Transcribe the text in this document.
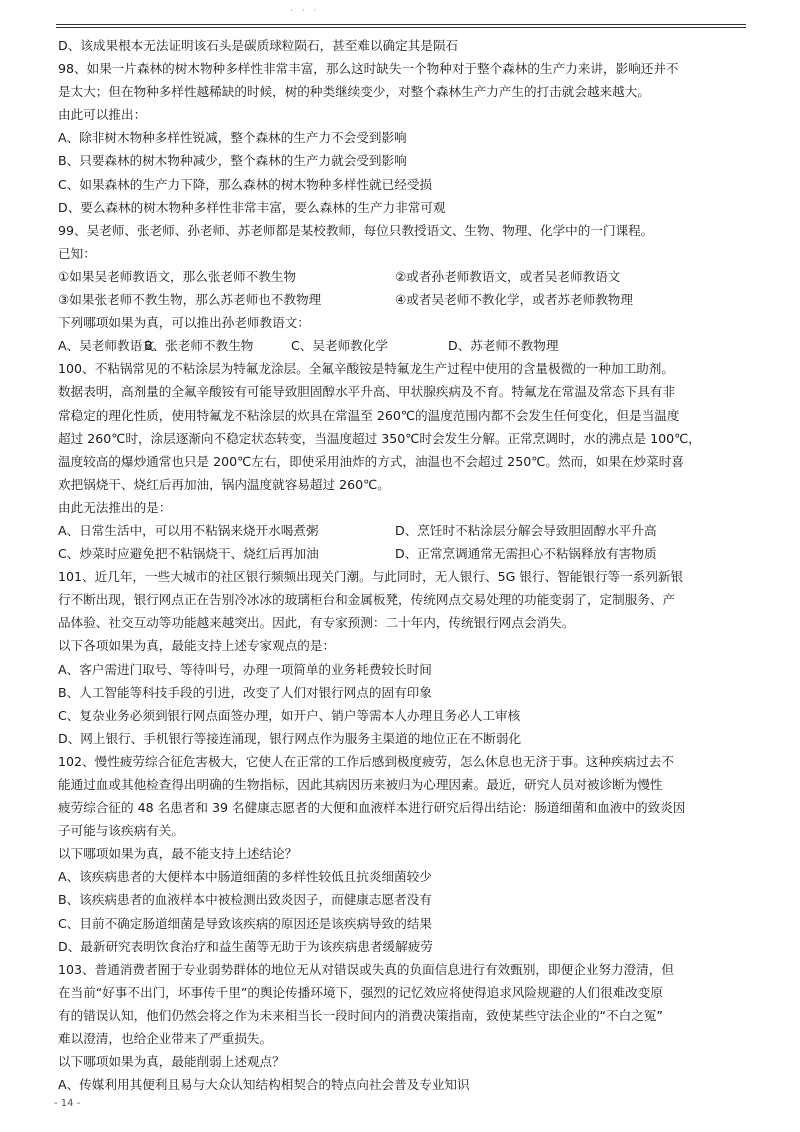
· · ·
D、该成果根本无法证明该石头是碳质球粒陨石，甚至难以确定其是陨石
98、如果一片森林的树木物种多样性非常丰富，那么这时缺失一个物种对于整个森林的生产力来讲，影响还并不
是太大；但在物种多样性越稀缺的时候，树的种类继续变少，对整个森林生产力产生的打击就会越来越大。
由此可以推出：
A、除非树木物种多样性锐减，整个森林的生产力不会受到影响
B、只要森林的树木物种减少，整个森林的生产力就会受到影响
C、如果森林的生产力下降，那么森林的树木物种多样性就已经受损
D、要么森林的树木物种多样性非常丰富，要么森林的生产力非常可观
99、吴老师、张老师、孙老师、苏老师都是某校教师，每位只教授语文、生物、物理、化学中的一门课程。
已知：
①如果吴老师教语文，那么张老师不教生物	②或者孙老师教语文，或者吴老师教语文
③如果张老师不教生物，那么苏老师也不教物理	④或者吴老师不教化学，或者苏老师教物理
下列哪项如果为真，可以推出孙老师教语文：
A、吴老师教语文
B、张老师不教生物	C、吴老师教化学	D、苏老师不教物理
100、不粘锅常见的不粘涂层为特氟龙涂层。全氟辛酸铵是特氟龙生产过程中使用的含量极微的一种加工助剂。
数据表明，高剂量的全氟辛酸铵有可能导致胆固醇水平升高、甲状腺疾病及不育。特氟龙在常温及常态下具有非
常稳定的理化性质，使用特氟龙不粘涂层的炊具在常温至 260℃的温度范围内都不会发生任何变化，但是当温度
超过 260℃时，涂层逐渐向不稳定状态转变，当温度超过 350℃时会发生分解。正常烹调时，水的沸点是 100℃，
温度较高的爆炒通常也只是 200℃左右，即使采用油炸的方式，油温也不会超过 250℃。然而，如果在炒菜时喜
欢把锅烧干、烧红后再加油，锅内温度就容易超过 260℃。
由此无法推出的是：
A、日常生活中，可以用不粘锅来烧开水喝煮粥	D、烹饪时不粘涂层分解会导致胆固醇水平升高
C、炒菜时应避免把不粘锅烧干、烧红后再加油	D、正常烹调通常无需担心不粘锅释放有害物质
101、近几年，一些大城市的社区银行频频出现关门潮。与此同时，无人银行、5G 银行、智能银行等一系列新银
行不断出现，银行网点正在告别冷冰冰的玻璃柜台和金属板凳，传统网点交易处理的功能变弱了，定制服务、产
品体验、社交互动等功能越来越突出。因此，有专家预测：二十年内，传统银行网点会消失。
以下各项如果为真，最能支持上述专家观点的是：
A、客户需进门取号、等待叫号，办理一项简单的业务耗费较长时间
B、人工智能等科技手段的引进，改变了人们对银行网点的固有印象
C、复杂业务必须到银行网点面签办理，如开户、销户等需本人办理且务必人工审核
D、网上银行、手机银行等接连涌现，银行网点作为服务主渠道的地位正在不断弱化
102、慢性疲劳综合征危害极大，它使人在正常的工作后感到极度疲劳，怎么休息也无济于事。这种疾病过去不
能通过血或其他检查得出明确的生物指标，因此其病因历来被归为心理因素。最近，研究人员对被诊断为慢性
疲劳综合征的 48 名患者和 39 名健康志愿者的大便和血液样本进行研究后得出结论：肠道细菌和血液中的致炎因
子可能与该疾病有关。
以下哪项如果为真，最不能支持上述结论？
A、该疾病患者的大便样本中肠道细菌的多样性较低且抗炎细菌较少
B、该疾病患者的血液样本中被检测出致炎因子，而健康志愿者没有
C、目前不确定肠道细菌是导致该疾病的原因还是该疾病导致的结果
D、最新研究表明饮食治疗和益生菌等无助于为该疾病患者缓解疲劳
103、普通消费者囿于专业弱势群体的地位无从对错误或失真的负面信息进行有效甄别，即便企业努力澄清，但
在当前“好事不出门，坏事传千里”的舆论传播环境下，强烈的记忆效应将使得追求风险规避的人们很难改变原
有的错误认知，他们仍然会将之作为未来相当长一段时间内的消费决策指南，致使某些守法企业的“不白之冤”
难以澄清，也给企业带来了严重损失。
以下哪项如果为真，最能削弱上述观点？
A、传媒利用其便利且易与大众认知结构相契合的特点向社会普及专业知识
- 14 -
